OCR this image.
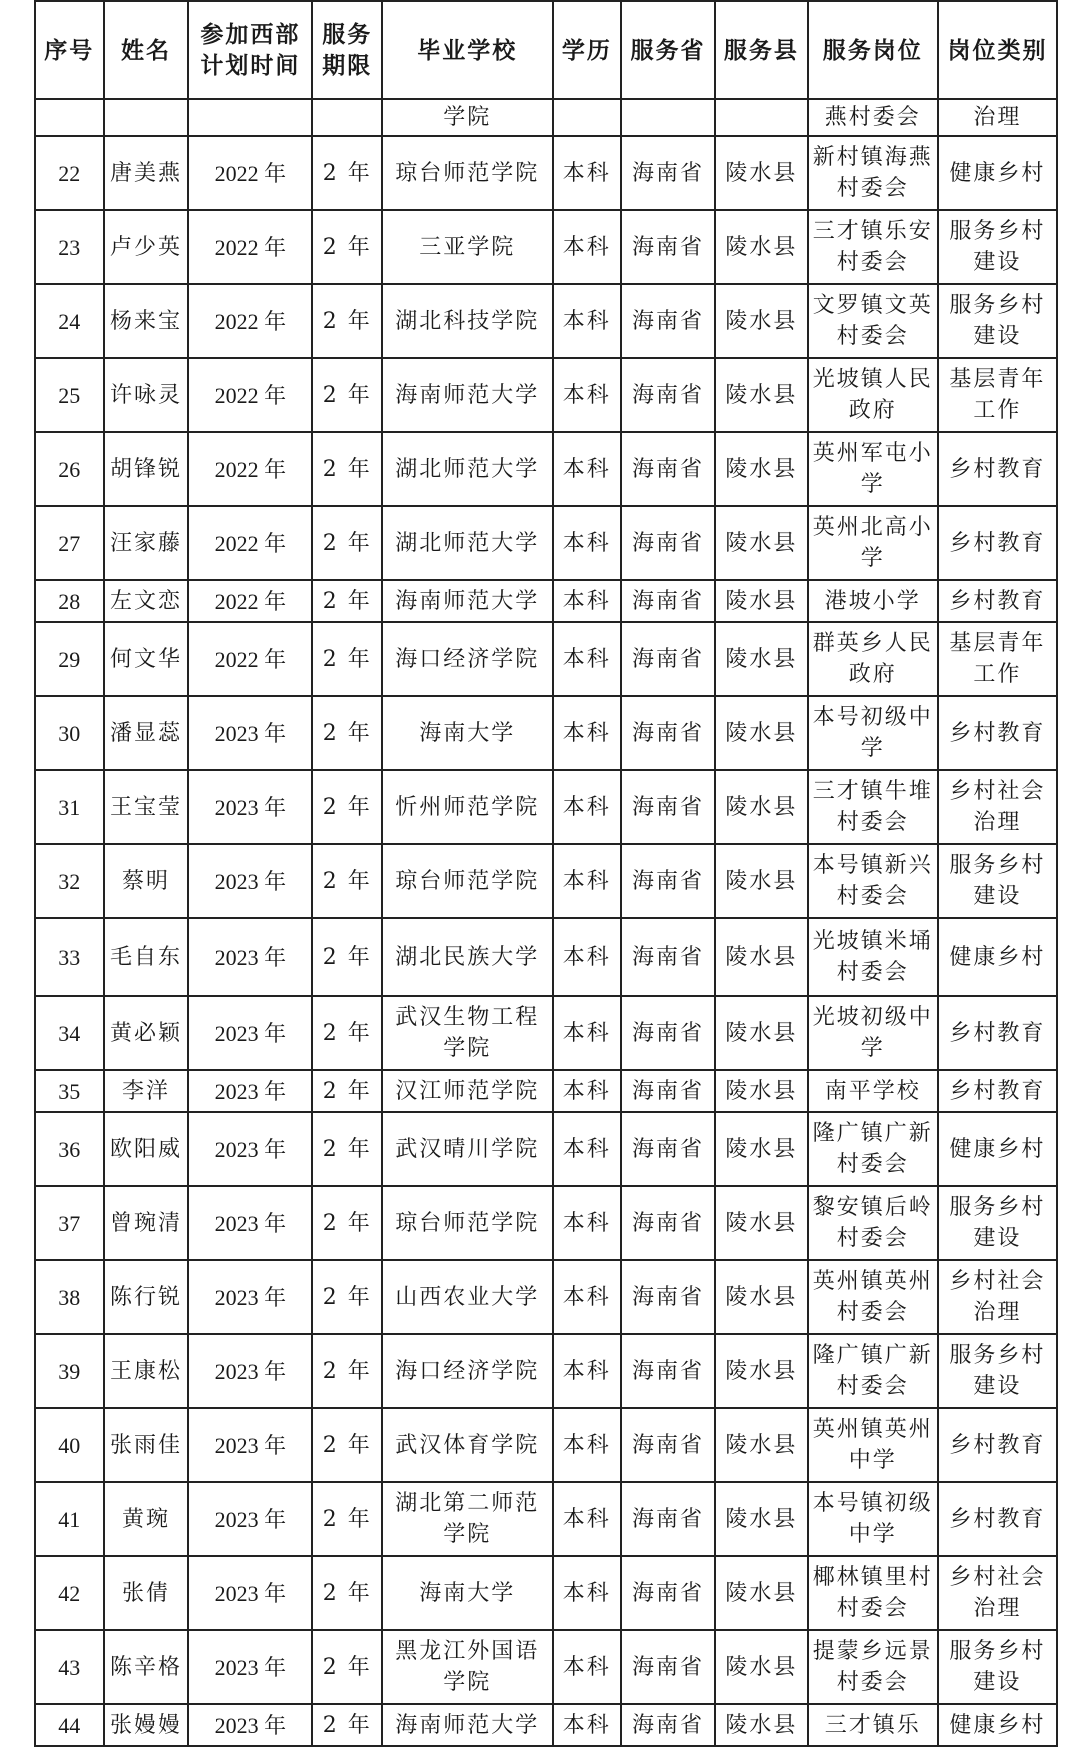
序号	姓名	参加西部计划时间	服务期限	毕业学校	学历	服务省	服务县	服务岗位	岗位类别
				学院				燕村委会	治理
22	唐美燕	2022 年	2 年	琼台师范学院	本科	海南省	陵水县	新村镇海燕村委会	健康乡村
23	卢少英	2022 年	2 年	三亚学院	本科	海南省	陵水县	三才镇乐安村委会	服务乡村建设
24	杨来宝	2022 年	2 年	湖北科技学院	本科	海南省	陵水县	文罗镇文英村委会	服务乡村建设
25	许咏灵	2022 年	2 年	海南师范大学	本科	海南省	陵水县	光坡镇人民政府	基层青年工作
26	胡锋锐	2022 年	2 年	湖北师范大学	本科	海南省	陵水县	英州军屯小学	乡村教育
27	汪家藤	2022 年	2 年	湖北师范大学	本科	海南省	陵水县	英州北高小学	乡村教育
28	左文恋	2022 年	2 年	海南师范大学	本科	海南省	陵水县	港坡小学	乡村教育
29	何文华	2022 年	2 年	海口经济学院	本科	海南省	陵水县	群英乡人民政府	基层青年工作
30	潘显蕊	2023 年	2 年	海南大学	本科	海南省	陵水县	本号初级中学	乡村教育
31	王宝莹	2023 年	2 年	忻州师范学院	本科	海南省	陵水县	三才镇牛堆村委会	乡村社会治理
32	蔡明	2023 年	2 年	琼台师范学院	本科	海南省	陵水县	本号镇新兴村委会	服务乡村建设
33	毛自东	2023 年	2 年	湖北民族大学	本科	海南省	陵水县	光坡镇米埇村委会	健康乡村
34	黄必颖	2023 年	2 年	武汉生物工程学院	本科	海南省	陵水县	光坡初级中学	乡村教育
35	李洋	2023 年	2 年	汉江师范学院	本科	海南省	陵水县	南平学校	乡村教育
36	欧阳威	2023 年	2 年	武汉晴川学院	本科	海南省	陵水县	隆广镇广新村委会	健康乡村
37	曾琬清	2023 年	2 年	琼台师范学院	本科	海南省	陵水县	黎安镇后岭村委会	服务乡村建设
38	陈行锐	2023 年	2 年	山西农业大学	本科	海南省	陵水县	英州镇英州村委会	乡村社会治理
39	王康松	2023 年	2 年	海口经济学院	本科	海南省	陵水县	隆广镇广新村委会	服务乡村建设
40	张雨佳	2023 年	2 年	武汉体育学院	本科	海南省	陵水县	英州镇英州中学	乡村教育
41	黄琬	2023 年	2 年	湖北第二师范学院	本科	海南省	陵水县	本号镇初级中学	乡村教育
42	张倩	2023 年	2 年	海南大学	本科	海南省	陵水县	椰林镇里村村委会	乡村社会治理
43	陈辛格	2023 年	2 年	黑龙江外国语学院	本科	海南省	陵水县	提蒙乡远景村委会	服务乡村建设
44	张嫚嫚	2023 年	2 年	海南师范大学	本科	海南省	陵水县	三才镇乐	健康乡村
